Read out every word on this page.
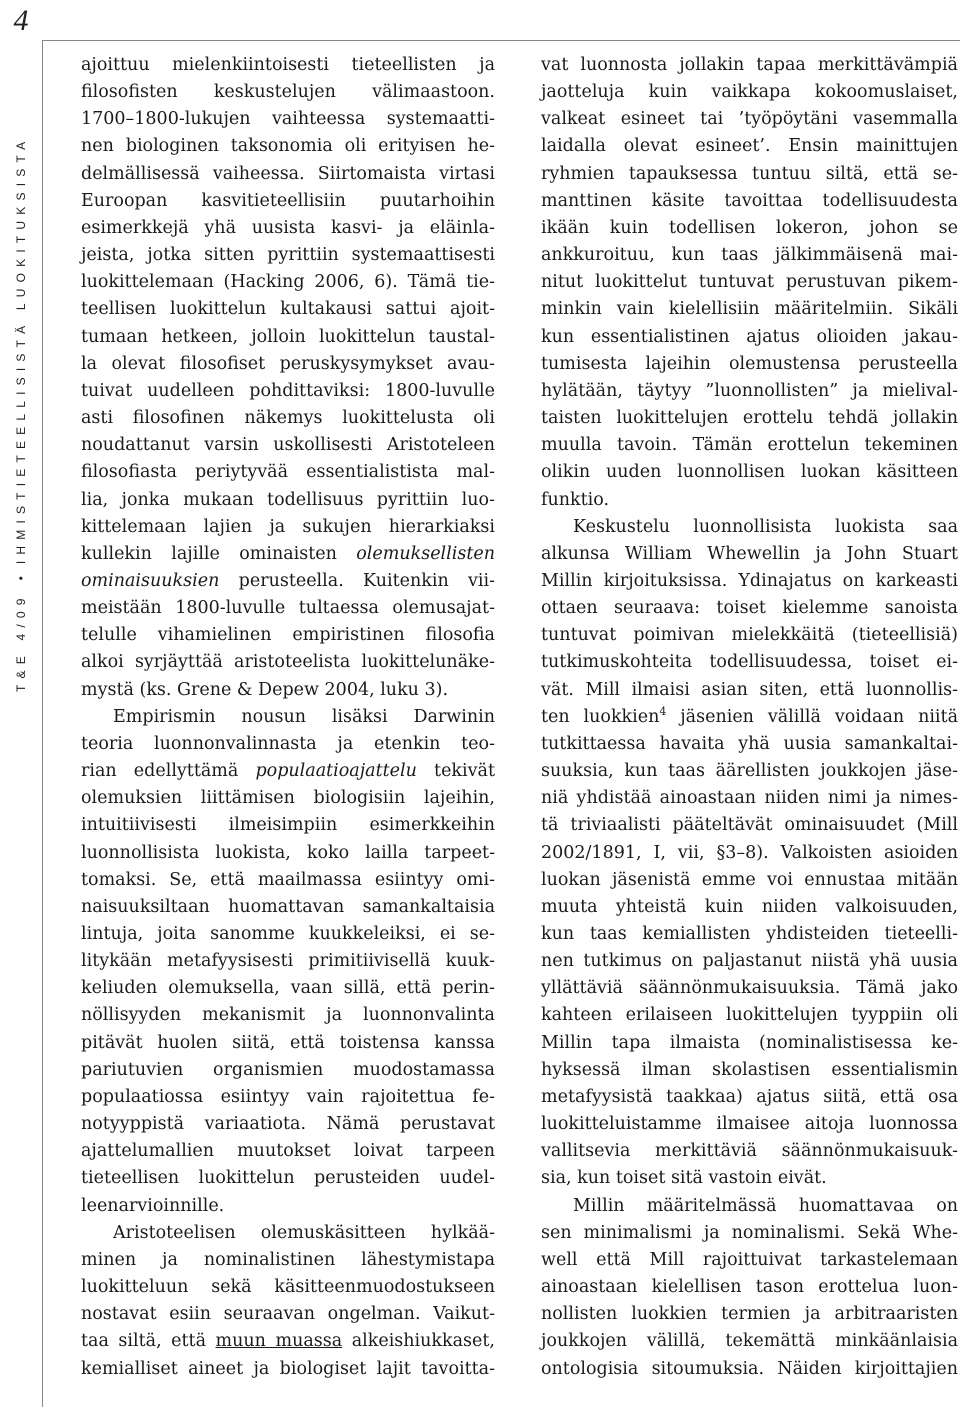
4
T&E 4/09
•
IHMISTIETEELLISISTÄ LUOKITUKSISTA
ajoittuu mielenkiintoisesti tieteellisten ja
filosofisten keskustelujen välimaastoon.
1700–1800-lukujen vaihteessa systemaatti-
nen biologinen taksonomia oli erityisen he-
delmällisessä vaiheessa. Siirtomaista virtasi
Euroopan kasvitieteellisiin puutarhoihin
esimerkkejä yhä uusista kasvi- ja eläinla-
jeista, jotka sitten pyrittiin systemaattisesti
luokittelemaan (Hacking 2006, 6). Tämä tie-
teellisen luokittelun kultakausi sattui ajoit-
tumaan hetkeen, jolloin luokittelun taustal-
la olevat filosofiset peruskysymykset avau-
tuivat uudelleen pohdittaviksi: 1800-luvulle
asti filosofinen näkemys luokittelusta oli
noudattanut varsin uskollisesti Aristoteleen
filosofiasta periytyvää essentialistista mal-
lia, jonka mukaan todellisuus pyrittiin luo-
kittelemaan lajien ja sukujen hierarkiaksi
kullekin lajille ominaisten olemuksellisten
ominaisuuksien perusteella. Kuitenkin vii-
meistään 1800-luvulle tultaessa olemusajat-
telulle vihamielinen empiristinen filosofia
alkoi syrjäyttää aristoteelista luokittelunäke-
mystä (ks. Grene & Depew 2004, luku 3).
Empirismin nousun lisäksi Darwinin
teoria luonnonvalinnasta ja etenkin teo-
rian edellyttämä populaatioajattelu tekivät
olemuksien liittämisen biologisiin lajeihin,
intuitiivisesti ilmeisimpiin esimerkkeihin
luonnollisista luokista, koko lailla tarpeet-
tomaksi. Se, että maailmassa esiintyy omi-
naisuuksiltaan huomattavan samankaltaisia
lintuja, joita sanomme kuukkeleiksi, ei se-
litykään metafyysisesti primitiivisellä kuuk-
keliuden olemuksella, vaan sillä, että perin-
nöllisyyden mekanismit ja luonnonvalinta
pitävät huolen siitä, että toistensa kanssa
pariutuvien organismien muodostamassa
populaatiossa esiintyy vain rajoitettua fe-
notyyppistä variaatiota. Nämä perustavat
ajattelumallien muutokset loivat tarpeen
tieteellisen luokittelun perusteiden uudel-
leenarvioinnille.
Aristoteelisen olemuskäsitteen hylkää-
minen ja nominalistinen lähestymistapa
luokitteluun sekä käsitteenmuodostukseen
nostavat esiin seuraavan ongelman. Vaikut-
taa siltä, että muun muassa alkeishiukkaset,
kemialliset aineet ja biologiset lajit tavoitta-
vat luonnosta jollakin tapaa merkittävämpiä
jaotteluja kuin vaikkapa kokoomuslaiset,
valkeat esineet tai ’työpöytäni vasemmalla
laidalla olevat esineet’. Ensin mainittujen
ryhmien tapauksessa tuntuu siltä, että se-
manttinen käsite tavoittaa todellisuudesta
ikään kuin todellisen lokeron, johon se
ankkuroituu, kun taas jälkimmäisenä mai-
nitut luokittelut tuntuvat perustuvan pikem-
minkin vain kielellisiin määritelmiin. Sikäli
kun essentialistinen ajatus olioiden jakau-
tumisesta lajeihin olemustensa perusteella
hylätään, täytyy ”luonnollisten” ja mielival-
taisten luokittelujen erottelu tehdä jollakin
muulla tavoin. Tämän erottelun tekeminen
olikin uuden luonnollisen luokan käsitteen
funktio.
Keskustelu luonnollisista luokista saa
alkunsa William Whewellin ja John Stuart
Millin kirjoituksissa. Ydinajatus on karkeasti
ottaen seuraava: toiset kielemme sanoista
tuntuvat poimivan mielekkäitä (tieteellisiä)
tutkimuskohteita todellisuudessa, toiset ei-
vät. Mill ilmaisi asian siten, että luonnollis-
ten luokkien$^4$ jäsenien välillä voidaan niitä
tutkittaessa havaita yhä uusia samankaltai-
suuksia, kun taas äärellisten joukkojen jäse-
niä yhdistää ainoastaan niiden nimi ja nimes-
tä triviaalisti pääteltävät ominaisuudet (Mill
2002/1891, I, vii, §3–8). Valkoisten asioiden
luokan jäsenistä emme voi ennustaa mitään
muuta yhteistä kuin niiden valkoisuuden,
kun taas kemiallisten yhdisteiden tieteelli-
nen tutkimus on paljastanut niistä yhä uusia
yllättäviä säännönmukaisuuksia. Tämä jako
kahteen erilaiseen luokittelujen tyyppiin oli
Millin tapa ilmaista (nominalistisessa ke-
hyksessä ilman skolastisen essentialismin
metafyysistä taakkaa) ajatus siitä, että osa
luokitteluistamme ilmaisee aitoja luonnossa
vallitsevia merkittäviä säännönmukaisuuk-
sia, kun toiset sitä vastoin eivät.
Millin määritelmässä huomattavaa on
sen minimalismi ja nominalismi. Sekä Whe-
well että Mill rajoittuivat tarkastelemaan
ainoastaan kielellisen tason erottelua luon-
nollisten luokkien termien ja arbitraaristen
joukkojen välillä, tekemättä minkäänlaisia
ontologisia sitoumuksia. Näiden kirjoittajien
